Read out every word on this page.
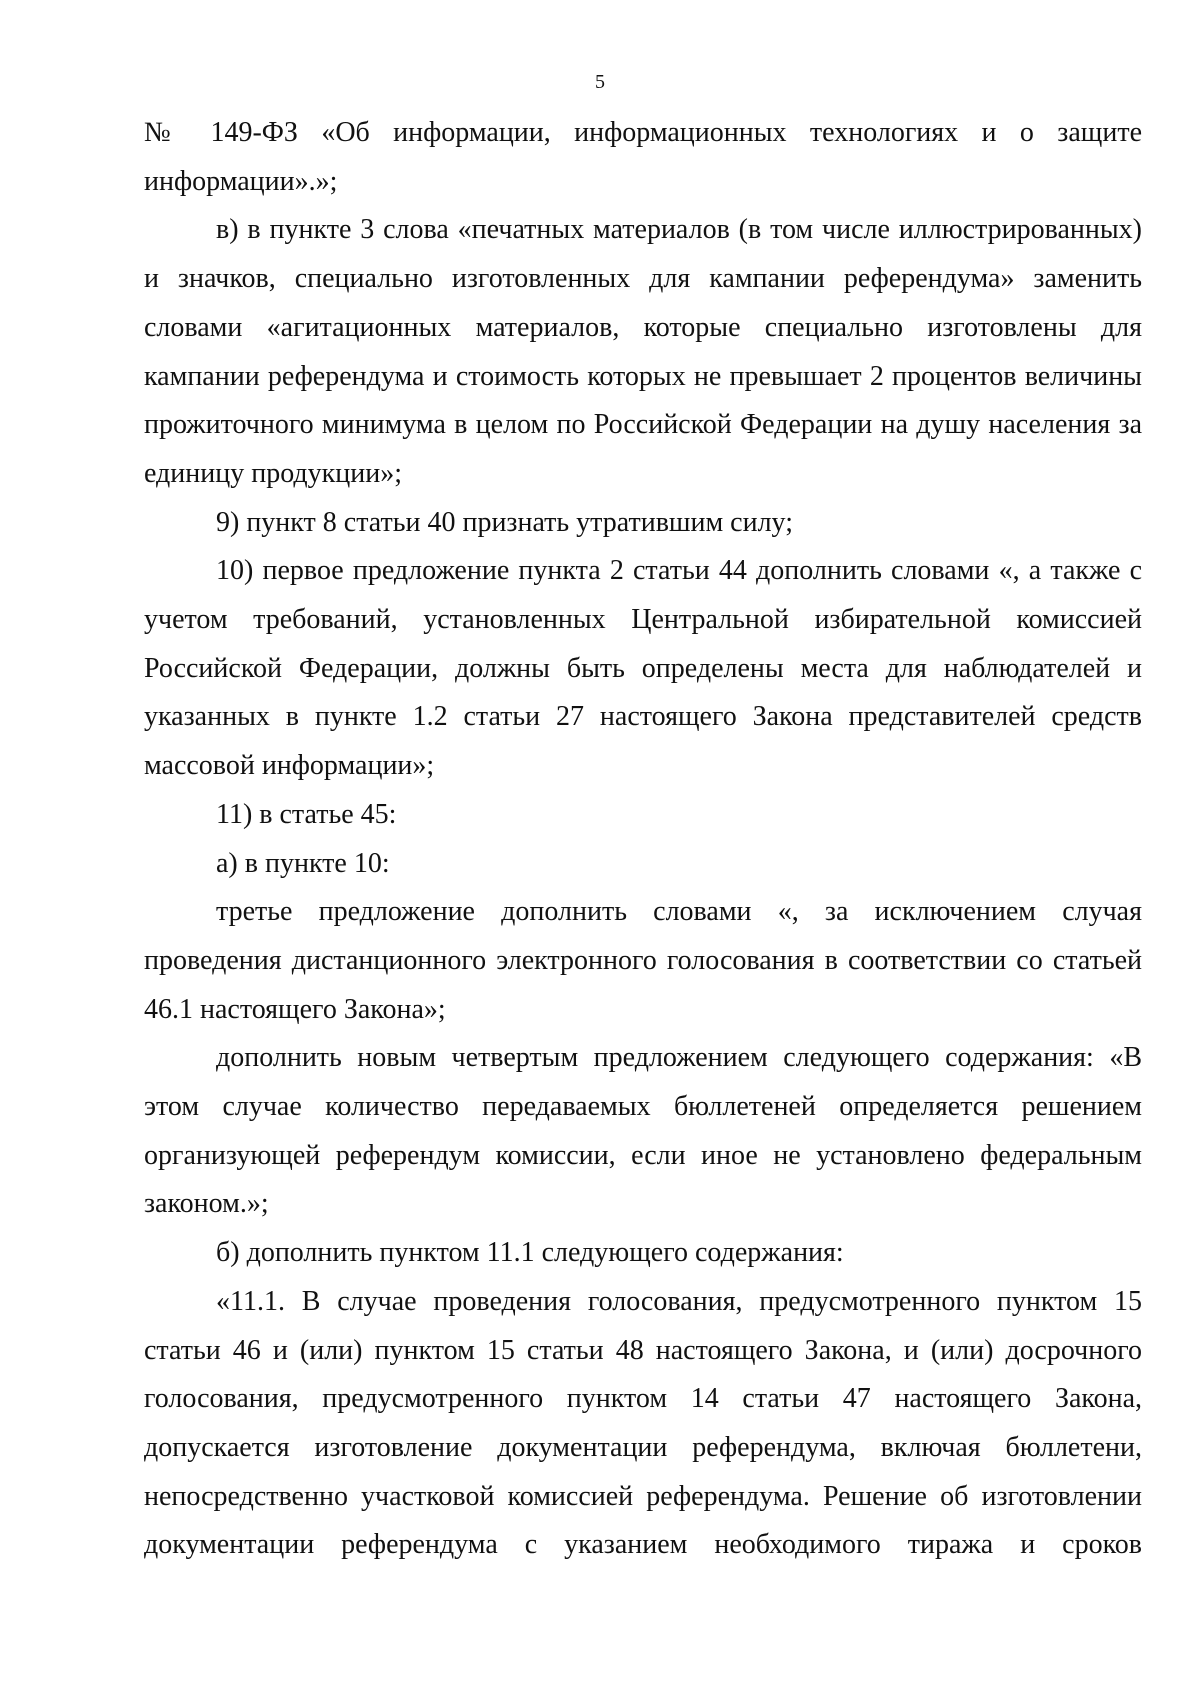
5

№ 149-ФЗ «Об информации, информационных технологиях и о защите информации».»;

в) в пункте 3 слова «печатных материалов (в том числе иллюстрированных) и значков, специально изготовленных для кампании референдума» заменить словами «агитационных материалов, которые специально изготовлены для кампании референдума и стоимость которых не превышает 2 процентов величины прожиточного минимума в целом по Российской Федерации на душу населения за единицу продукции»;

9) пункт 8 статьи 40 признать утратившим силу;

10) первое предложение пункта 2 статьи 44 дополнить словами «, а также с учетом требований, установленных Центральной избирательной комиссией Российской Федерации, должны быть определены места для наблюдателей и указанных в пункте 1.2 статьи 27 настоящего Закона представителей средств массовой информации»;

11) в статье 45:

а) в пункте 10:

третье предложение дополнить словами «, за исключением случая проведения дистанционного электронного голосования в соответствии со статьей 46.1 настоящего Закона»;

дополнить новым четвертым предложением следующего содержания: «В этом случае количество передаваемых бюллетеней определяется решением организующей референдум комиссии, если иное не установлено федеральным законом.»;

б) дополнить пунктом 11.1 следующего содержания:

«11.1. В случае проведения голосования, предусмотренного пунктом 15 статьи 46 и (или) пунктом 15 статьи 48 настоящего Закона, и (или) досрочного голосования, предусмотренного пунктом 14 статьи 47 настоящего Закона, допускается изготовление документации референдума, включая бюллетени, непосредственно участковой комиссией референдума. Решение об изготовлении документации референдума с указанием необходимого тиража и сроков
